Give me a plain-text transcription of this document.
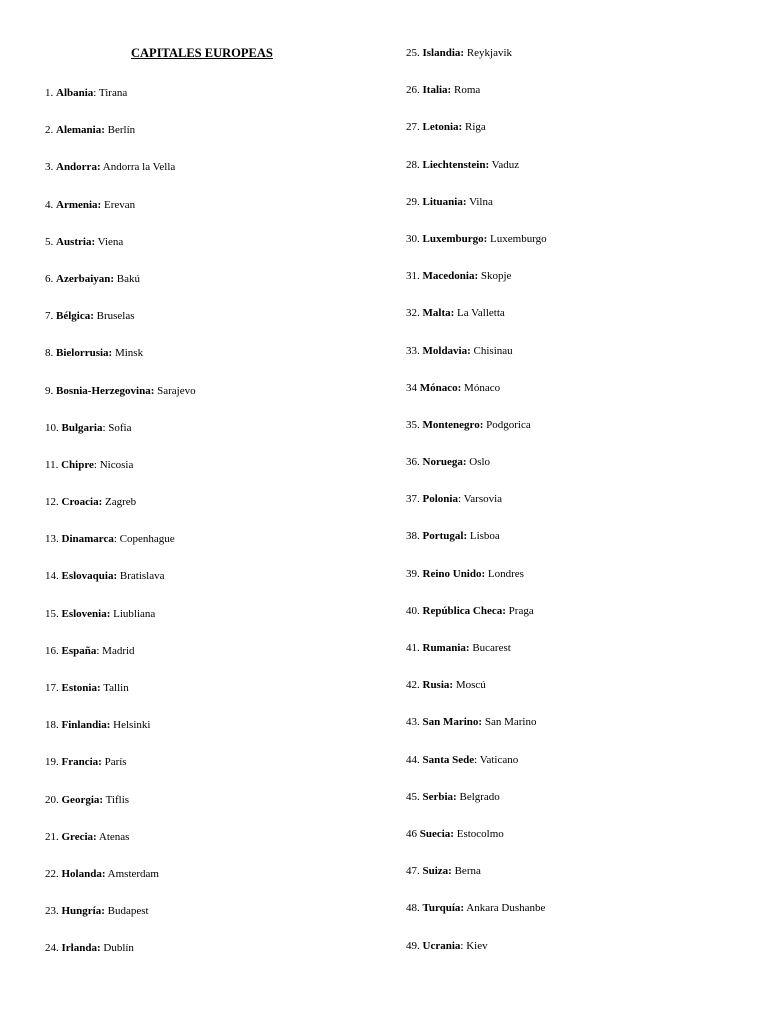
CAPITALES EUROPEAS
1. Albania: Tirana
2. Alemania: Berlín
3. Andorra: Andorra la Vella
4. Armenia: Erevan
5. Austria: Viena
6. Azerbaiyan: Bakú
7. Bélgica: Bruselas
8. Bielorrusia: Minsk
9. Bosnia-Herzegovina: Sarajevo
10. Bulgaria: Sofia
11. Chipre: Nicosia
12. Croacia: Zagreb
13. Dinamarca: Copenhague
14. Eslovaquia: Bratislava
15. Eslovenia: Liubliana
16. España: Madrid
17. Estonia: Tallin
18. Finlandia: Helsinki
19. Francia: París
20. Georgia: Tiflis
21. Grecia: Atenas
22. Holanda: Amsterdam
23. Hungría: Budapest
24. Irlanda: Dublín
25. Islandia: Reykjavik
26. Italia: Roma
27. Letonia: Riga
28. Liechtenstein: Vaduz
29. Lituania: Vilna
30. Luxemburgo: Luxemburgo
31. Macedonia: Skopje
32. Malta: La Valletta
33. Moldavia: Chisinau
34 Mónaco: Mónaco
35. Montenegro: Podgorica
36. Noruega: Oslo
37. Polonia: Varsovia
38. Portugal: Lisboa
39. Reino Unido: Londres
40. República Checa: Praga
41. Rumania: Bucarest
42. Rusia: Moscú
43. San Marino: San Marino
44. Santa Sede: Vaticano
45. Serbia: Belgrado
46 Suecia: Estocolmo
47. Suiza: Berna
48. Turquía: Ankara Dushanbe
49. Ucrania: Kiev
